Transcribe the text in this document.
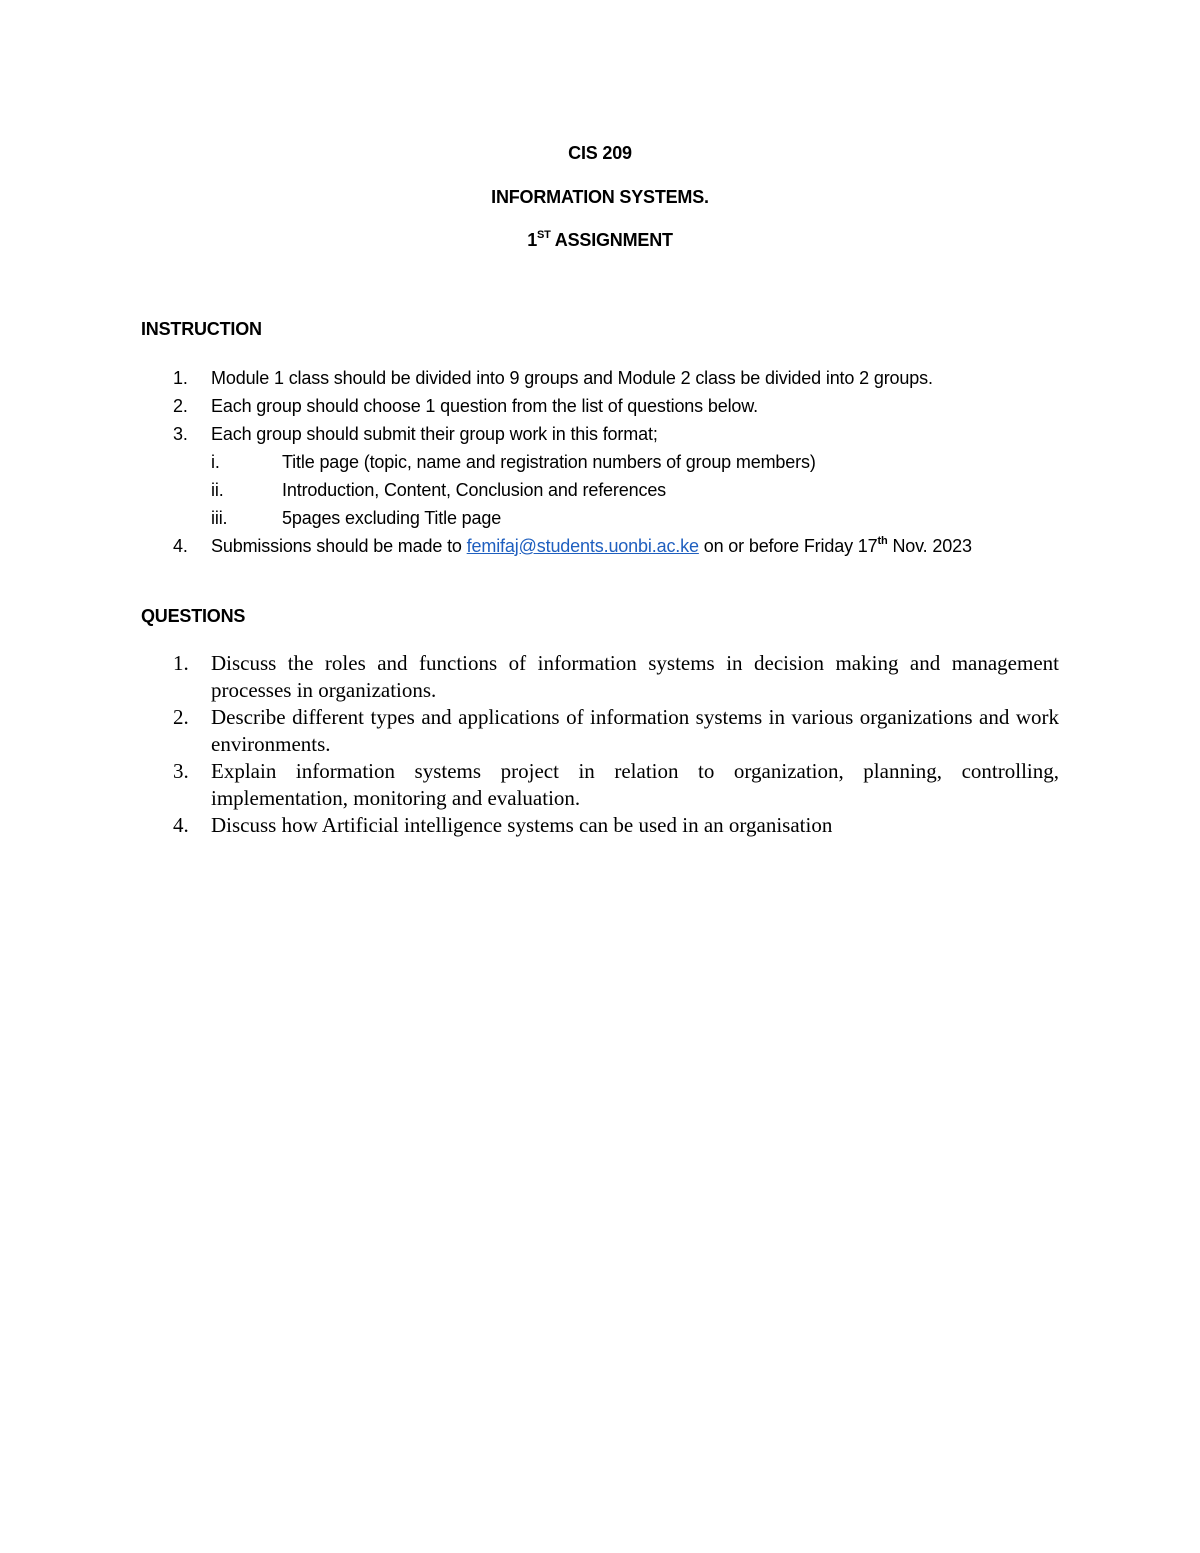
CIS 209
INFORMATION SYSTEMS.
1ST ASSIGNMENT
INSTRUCTION
1. Module 1 class should be divided into 9 groups and Module 2 class be divided into 2 groups.
2. Each group should choose 1 question from the list of questions below.
3. Each group should submit their group work in this format;
i.	Title page (topic, name and registration numbers of group members)
ii.	Introduction, Content, Conclusion and references
iii.	5pages excluding Title page
4. Submissions should be made to femifaj@students.uonbi.ac.ke on or before Friday 17th Nov. 2023
QUESTIONS
1. Discuss the roles and functions of information systems in decision making and management processes in organizations.
2. Describe different types and applications of information systems in various organizations and work environments.
3. Explain information systems project in relation to organization, planning, controlling, implementation, monitoring and evaluation.
4. Discuss how Artificial intelligence systems can be used in an organisation
